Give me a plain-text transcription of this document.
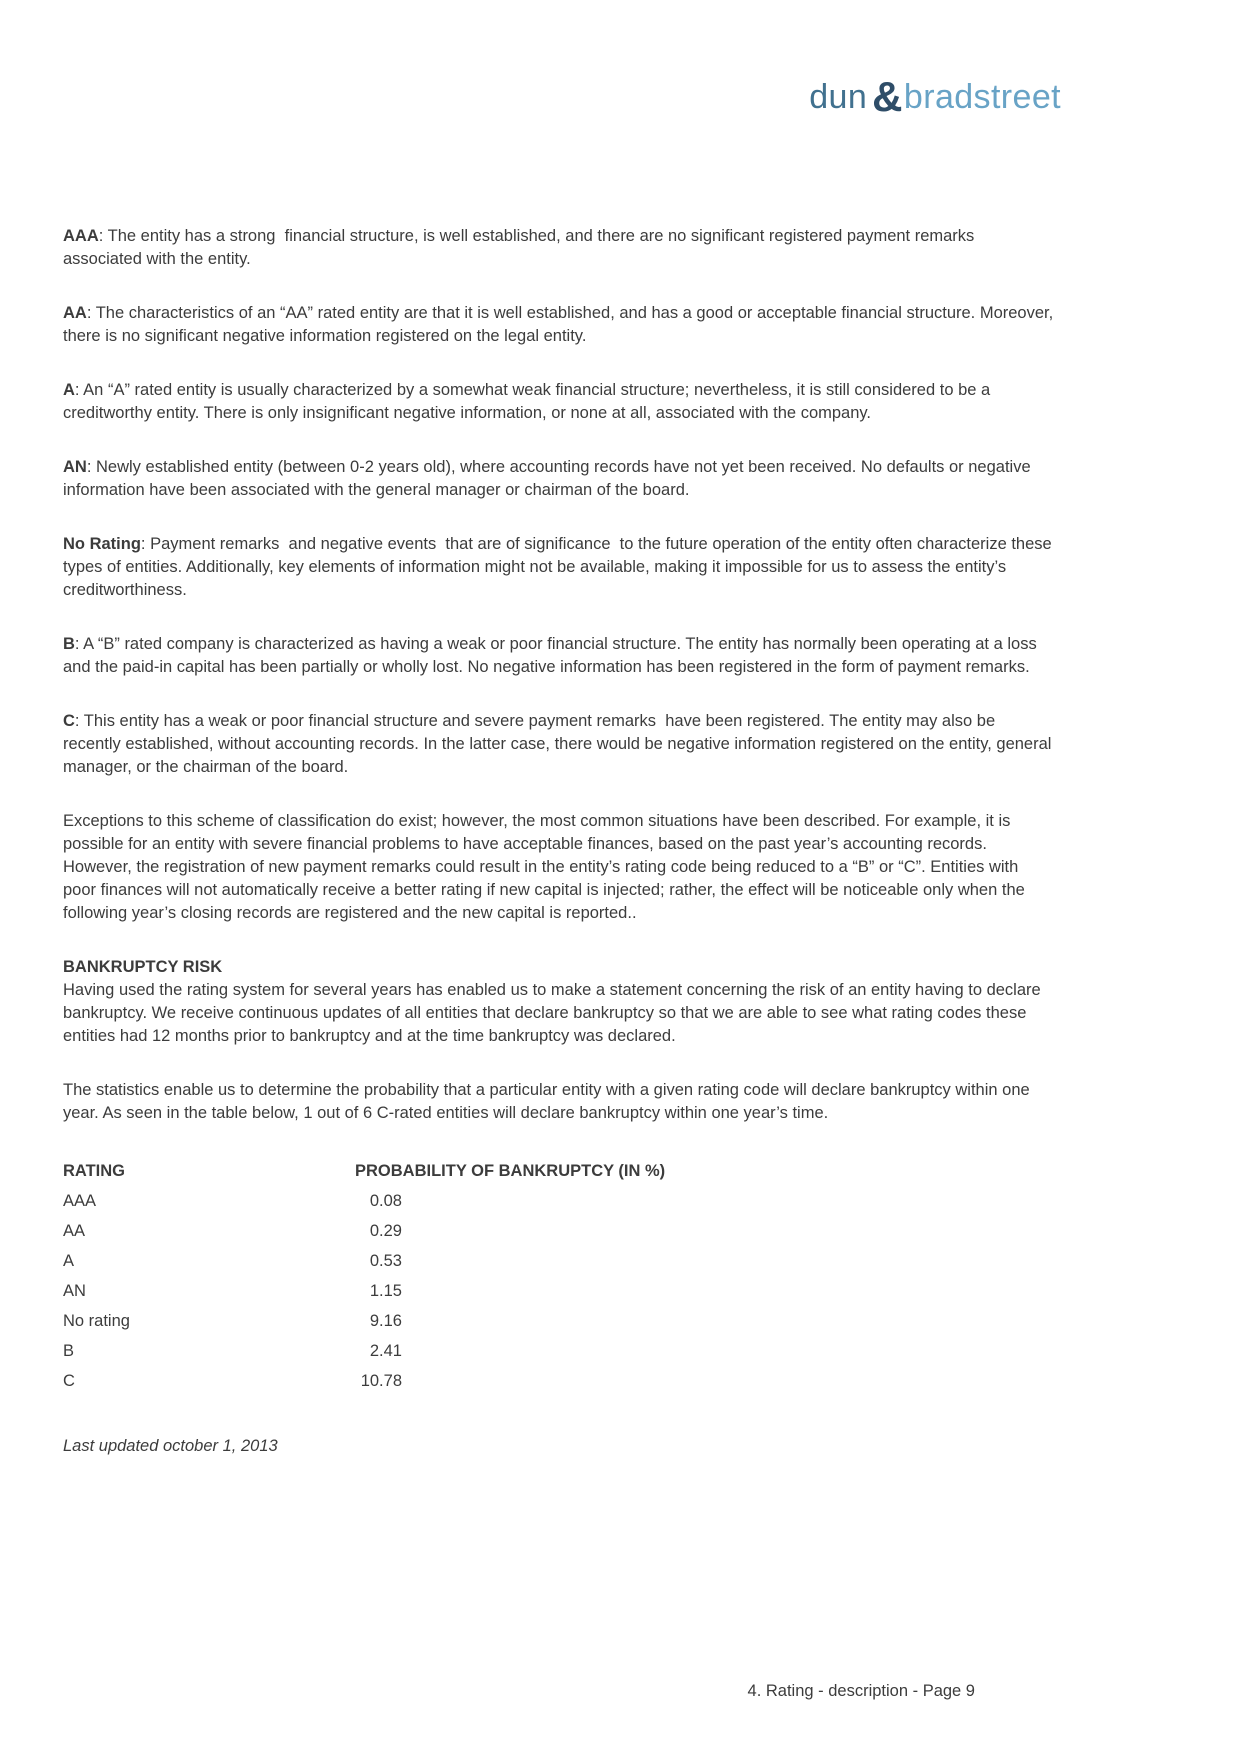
dun &bradstreet

AAA: The entity has a strong  financial structure, is well established, and there are no significant registered payment remarks associated with the entity.

AA: The characteristics of an “AA” rated entity are that it is well established, and has a good or acceptable financial structure. Moreover, there is no significant negative information registered on the legal entity.

A: An “A” rated entity is usually characterized by a somewhat weak financial structure; nevertheless, it is still considered to be a creditworthy entity. There is only insignificant negative information, or none at all, associated with the company.

AN: Newly established entity (between 0-2 years old), where accounting records have not yet been received. No defaults or negative information have been associated with the general manager or chairman of the board.

No Rating: Payment remarks  and negative events  that are of significance  to the future operation of the entity often characterize these types of entities. Additionally, key elements of information might not be available, making it impossible for us to assess the entity’s creditworthiness.

B: A “B” rated company is characterized as having a weak or poor financial structure. The entity has normally been operating at a loss and the paid-in capital has been partially or wholly lost. No negative information has been registered in the form of payment remarks.

C: This entity has a weak or poor financial structure and severe payment remarks  have been registered. The entity may also be recently established, without accounting records. In the latter case, there would be negative information registered on the entity, general  manager, or the chairman of the board.

Exceptions to this scheme of classification do exist; however, the most common situations have been described. For example, it is possible for an entity with severe financial problems to have acceptable finances, based on the past year’s accounting records. However, the registration of new payment remarks could result in the entity’s rating code being reduced to a “B” or “C”. Entities with poor finances will not automatically receive a better rating if new capital is injected; rather, the effect will be noticeable only when the following year’s closing records are registered and the new capital is reported..

BANKRUPTCY RISK

Having used the rating system for several years has enabled us to make a statement concerning the risk of an entity having to declare bankruptcy. We receive continuous updates of all entities that declare bankruptcy so that we are able to see what rating codes these entities had 12 months prior to bankruptcy and at the time bankruptcy was declared.

The statistics enable us to determine the probability that a particular entity with a given rating code will declare bankruptcy within one year. As seen in the table below, 1 out of 6 C-rated entities will declare bankruptcy within one year’s time.

RATING	PROBABILITY OF BANKRUPTCY (IN %)
AAA	0.08
AA	0.29
A	0.53
AN	1.15
No rating	9.16
B	2.41
C	10.78

Last updated october 1, 2013

4. Rating - description - Page 9
